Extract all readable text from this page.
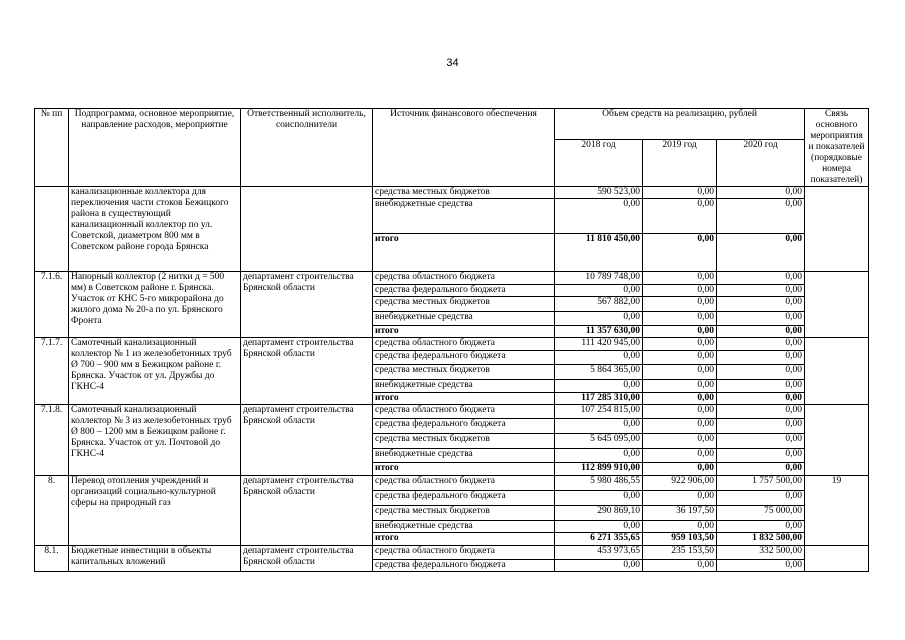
34
№ пп	Подпрограмма, основное мероприятие, направление расходов, мероприятие	Ответственный исполнитель, соисполнители	Источник финансового обеспечения	Объем средств на реализацию, рублей			Связь основного мероприятия и показателей (порядковые номера показателей)
				2018 год	2019 год	2020 год	
	канализационные коллектора для переключения части стоков Бежицкого района в существующий канализационный коллектор по ул. Советской, диаметром 800 мм в Советском районе города Брянска		средства местных бюджетов	590 523,00	0,00	0,00	
			внебюджетные средства	0,00	0,00	0,00	
			итого	11 810 450,00	0,00	0,00	
7.1.6.	Напорный коллектор (2 нитки д = 500 мм) в Советском районе г. Брянска. Участок от КНС 5-го микрорайона до жилого дома № 20-а по ул. Брянского Фронта	департамент строительства Брянской области	средства областного бюджета	10 789 748,00	0,00	0,00	
			средства федерального бюджета	0,00	0,00	0,00	
			средства местных бюджетов	567 882,00	0,00	0,00	
			внебюджетные средства	0,00	0,00	0,00	
			итого	11 357 630,00	0,00	0,00	
7.1.7.	Самотечный канализационный коллектор № 1 из железобетонных труб Ø 700 – 900 мм в Бежицком районе г. Брянска. Участок от ул. Дружбы до ГКНС-4	департамент строительства Брянской области	средства областного бюджета	111 420 945,00	0,00	0,00	
			средства федерального бюджета	0,00	0,00	0,00	
			средства местных бюджетов	5 864 365,00	0,00	0,00	
			внебюджетные средства	0,00	0,00	0,00	
			итого	117 285 310,00	0,00	0,00	
7.1.8.	Самотечный канализационный коллектор № 3 из железобетонных труб Ø 800 – 1200 мм в Бежицком районе г. Брянска. Участок от ул. Почтовой до ГКНС-4	департамент строительства Брянской области	средства областного бюджета	107 254 815,00	0,00	0,00	
			средства федерального бюджета	0,00	0,00	0,00	
			средства местных бюджетов	5 645 095,00	0,00	0,00	
			внебюджетные средства	0,00	0,00	0,00	
			итого	112 899 910,00	0,00	0,00	
8.	Перевод отопления учреждений и организаций социально-культурной сферы на природный газ	департамент строительства Брянской области	средства областного бюджета	5 980 486,55	922 906,00	1 757 500,00	19
			средства федерального бюджета	0,00	0,00	0,00	
			средства местных бюджетов	290 869,10	36 197,50	75 000,00	
			внебюджетные средства	0,00	0,00	0,00	
			итого	6 271 355,65	959 103,50	1 832 500,00	
8.1.	Бюджетные инвестиции в объекты капитальных вложений	департамент строительства Брянской области	средства областного бюджета	453 973,65	235 153,50	332 500,00	
			средства федерального бюджета	0,00	0,00	0,00	
